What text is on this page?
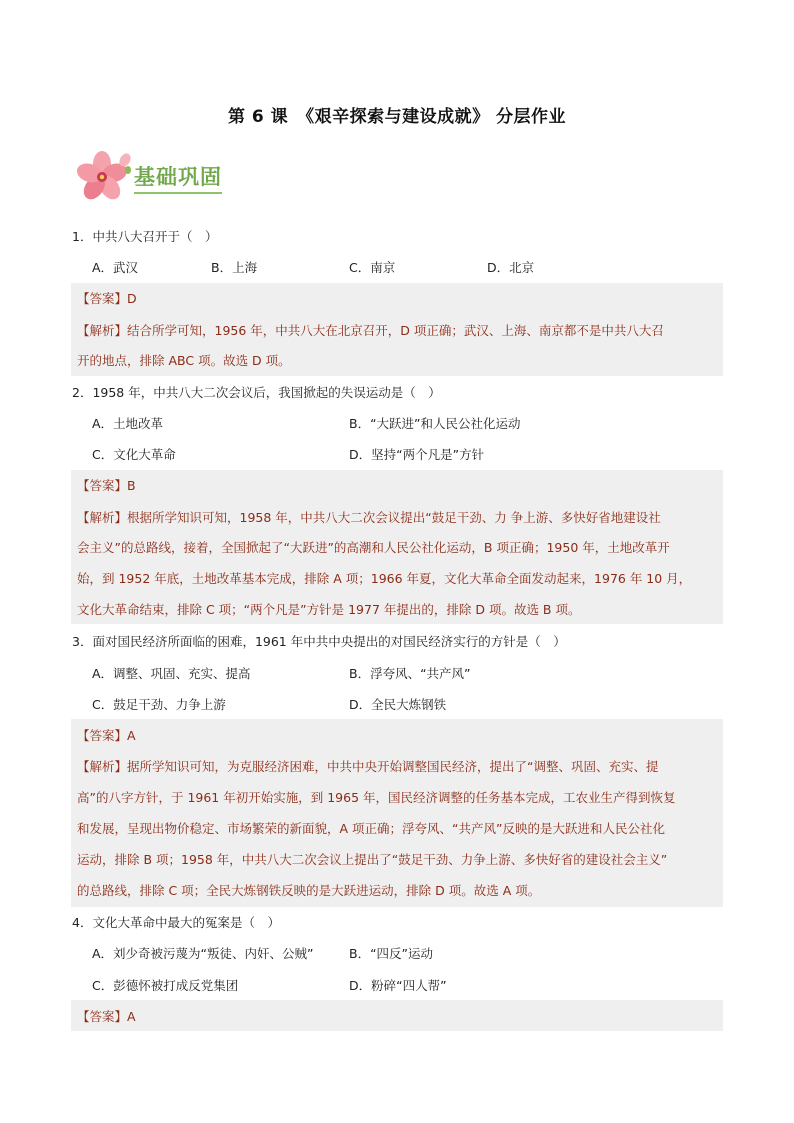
第 6 课　《艰辛探索与建设成就》 分层作业
基础巩固
1．中共八大召开于（　）
A．武汉	B．上海	C．南京	D．北京
【答案】D
【解析】结合所学可知，1956 年，中共八大在北京召开，D 项正确；武汉、上海、南京都不是中共八大召
开的地点，排除 ABC 项。故选 D 项。
2．1958 年，中共八大二次会议后，我国掀起的失误运动是（　）
A．土地改革	B．“大跃进”和人民公社化运动
C．文化大革命	D．坚持“两个凡是”方针
【答案】B
【解析】根据所学知识可知，1958 年，中共八大二次会议提出“鼓足干劲、力 争上游、多快好省地建设社
会主义”的总路线，接着，全国掀起了“大跃进”的高潮和人民公社化运动，B 项正确；1950 年，土地改革开
始，到 1952 年底，土地改革基本完成，排除 A 项；1966 年夏，文化大革命全面发动起来，1976 年 10 月，
文化大革命结束，排除 C 项；“两个凡是”方针是 1977 年提出的，排除 D 项。故选 B 项。
3．面对国民经济所面临的困难，1961 年中共中央提出的对国民经济实行的方针是（　）
A．调整、巩固、充实、提高	B．浮夸风、“共产风”
C．鼓足干劲、力争上游	D．全民大炼钢铁
【答案】A
【解析】据所学知识可知，为克服经济困难，中共中央开始调整国民经济，提出了“调整、巩固、充实、提
高”的八字方针，于 1961 年初开始实施，到 1965 年，国民经济调整的任务基本完成，工农业生产得到恢复
和发展，呈现出物价稳定、市场繁荣的新面貌，A 项正确；浮夸风、“共产风”反映的是大跃进和人民公社化
运动，排除 B 项；1958 年，中共八大二次会议上提出了“鼓足干劲、力争上游、多快好省的建设社会主义”
的总路线，排除 C 项；全民大炼钢铁反映的是大跃进运动，排除 D 项。故选 A 项。
4．文化大革命中最大的冤案是（　）
A．刘少奇被污蔑为“叛徒、内奸、公贼”	B．“四反”运动
C．彭德怀被打成反党集团	D．粉碎“四人帮”
【答案】A
